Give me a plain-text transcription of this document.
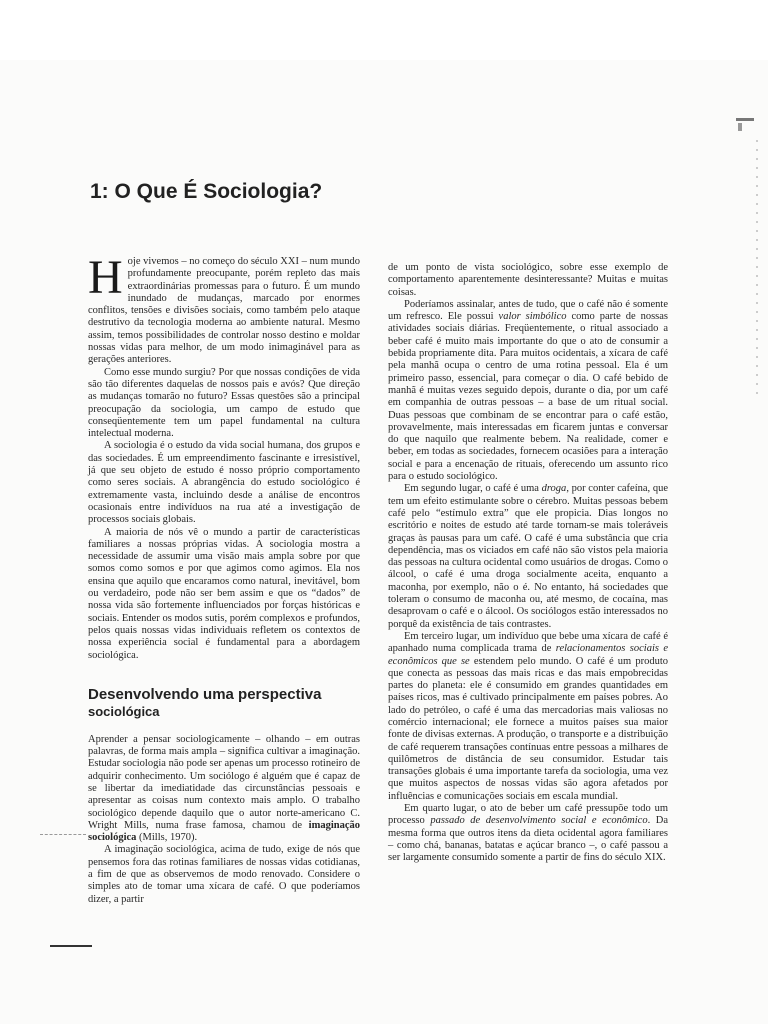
1: O Que É Sociologia?

Hoje vivemos – no começo do século XXI – num mundo profundamente preocupante, porém repleto das mais extraordinárias promessas para o futuro. É um mundo inundado de mudanças, marcado por enormes conflitos, tensões e divisões sociais, como também pelo ataque destrutivo da tecnologia moderna ao ambiente natural. Mesmo assim, temos possibilidades de controlar nosso destino e moldar nossas vidas para melhor, de um modo inimaginável para as gerações anteriores.

Como esse mundo surgiu? Por que nossas condições de vida são tão diferentes daquelas de nossos pais e avós? Que direção as mudanças tomarão no futuro? Essas questões são a principal preocupação da sociologia, um campo de estudo que conseqüentemente tem um papel fundamental na cultura intelectual moderna.

A sociologia é o estudo da vida social humana, dos grupos e das sociedades. É um empreendimento fascinante e irresistível, já que seu objeto de estudo é nosso próprio comportamento como seres sociais. A abrangência do estudo sociológico é extremamente vasta, incluindo desde a análise de encontros ocasionais entre indivíduos na rua até a investigação de processos sociais globais.

A maioria de nós vê o mundo a partir de características familiares a nossas próprias vidas. A sociologia mostra a necessidade de assumir uma visão mais ampla sobre por que somos como somos e por que agimos como agimos. Ela nos ensina que aquilo que encaramos como natural, inevitável, bom ou verdadeiro, pode não ser bem assim e que os “dados” de nossa vida são fortemente influenciados por forças históricas e sociais. Entender os modos sutis, porém complexos e profundos, pelos quais nossas vidas individuais refletem os contextos de nossa experiência social é fundamental para a abordagem sociológica.

Desenvolvendo uma perspectiva
sociológica

Aprender a pensar sociologicamente – olhando – em outras palavras, de forma mais ampla – significa cultivar a imaginação. Estudar sociologia não pode ser apenas um processo rotineiro de adquirir conhecimento. Um sociólogo é alguém que é capaz de se libertar da imediatidade das circunstâncias pessoais e apresentar as coisas num contexto mais amplo. O trabalho sociológico depende daquilo que o autor norte-americano C. Wright Mills, numa frase famosa, chamou de imaginação sociológica (Mills, 1970).

A imaginação sociológica, acima de tudo, exige de nós que pensemos fora das rotinas familiares de nossas vidas cotidianas, a fim de que as observemos de modo renovado. Considere o simples ato de tomar uma xícara de café. O que poderíamos dizer, a partir

de um ponto de vista sociológico, sobre esse exemplo de comportamento aparentemente desinteressante? Muitas e muitas coisas.

Poderíamos assinalar, antes de tudo, que o café não é somente um refresco. Ele possui valor simbólico como parte de nossas atividades sociais diárias. Freqüentemente, o ritual associado a beber café é muito mais importante do que o ato de consumir a bebida propriamente dita. Para muitos ocidentais, a xícara de café pela manhã ocupa o centro de uma rotina pessoal. Ela é um primeiro passo, essencial, para começar o dia. O café bebido de manhã é muitas vezes seguido depois, durante o dia, por um café em companhia de outras pessoas – a base de um ritual social. Duas pessoas que combinam de se encontrar para o café estão, provavelmente, mais interessadas em ficarem juntas e conversar do que naquilo que realmente bebem. Na realidade, comer e beber, em todas as sociedades, fornecem ocasiões para a interação social e para a encenação de rituais, oferecendo um assunto rico para o estudo sociológico.

Em segundo lugar, o café é uma droga, por conter cafeína, que tem um efeito estimulante sobre o cérebro. Muitas pessoas bebem café pelo “estímulo extra” que ele propicia. Dias longos no escritório e noites de estudo até tarde tornam-se mais toleráveis graças às pausas para um café. O café é uma substância que cria dependência, mas os viciados em café não são vistos pela maioria das pessoas na cultura ocidental como usuários de drogas. Como o álcool, o café é uma droga socialmente aceita, enquanto a maconha, por exemplo, não o é. No entanto, há sociedades que toleram o consumo de maconha ou, até mesmo, de cocaína, mas desaprovam o café e o álcool. Os sociólogos estão interessados no porquê da existência de tais contrastes.

Em terceiro lugar, um indivíduo que bebe uma xícara de café é apanhado numa complicada trama de relacionamentos sociais e econômicos que se estendem pelo mundo. O café é um produto que conecta as pessoas das mais ricas e das mais empobrecidas partes do planeta: ele é consumido em grandes quantidades em países ricos, mas é cultivado principalmente em países pobres. Ao lado do petróleo, o café é uma das mercadorias mais valiosas no comércio internacional; ele fornece a muitos países sua maior fonte de divisas externas. A produção, o transporte e a distribuição de café requerem transações contínuas entre pessoas a milhares de quilômetros de distância de seu consumidor. Estudar tais transações globais é uma importante tarefa da sociologia, uma vez que muitos aspectos de nossas vidas são agora afetados por influências e comunicações sociais em escala mundial.

Em quarto lugar, o ato de beber um café pressupõe todo um processo passado de desenvolvimento social e econômico. Da mesma forma que outros itens da dieta ocidental agora familiares – como chá, bananas, batatas e açúcar branco –, o café passou a ser largamente consumido somente a partir de fins do século XIX.
